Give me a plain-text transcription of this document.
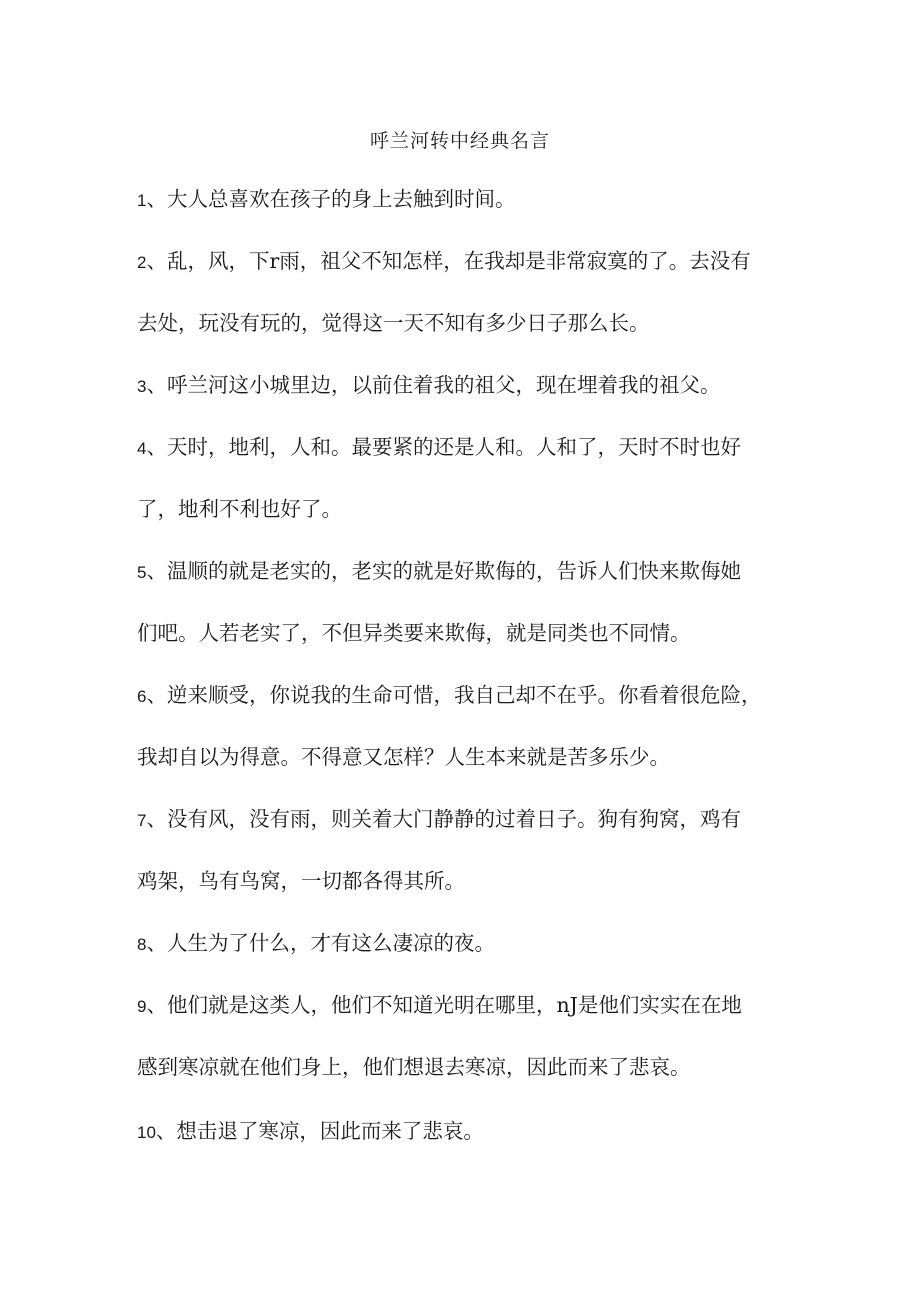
呼兰河转中经典名言
1、大人总喜欢在孩子的身上去触到时间。
2、乱，风，下r雨，祖父不知怎样，在我却是非常寂寞的了。去没有
去处，玩没有玩的，觉得这一天不知有多少日子那么长。
3、呼兰河这小城里边，以前住着我的祖父，现在埋着我的祖父。
4、天时，地利，人和。最要紧的还是人和。人和了，天时不时也好
了，地利不利也好了。
5、温顺的就是老实的，老实的就是好欺侮的，告诉人们快来欺侮她
们吧。人若老实了，不但异类要来欺侮，就是同类也不同情。
6、逆来顺受，你说我的生命可惜，我自己却不在乎。你看着很危险，
我却自以为得意。不得意又怎样？人生本来就是苦多乐少。
7、没有风，没有雨，则关着大门静静的过着日子。狗有狗窝，鸡有
鸡架，鸟有鸟窝，一切都各得其所。
8、人生为了什么，才有这么凄凉的夜。
9、他们就是这类人，他们不知道光明在哪里，nJ是他们实实在在地
感到寒凉就在他们身上，他们想退去寒凉，因此而来了悲哀。
10、想击退了寒凉，因此而来了悲哀。
